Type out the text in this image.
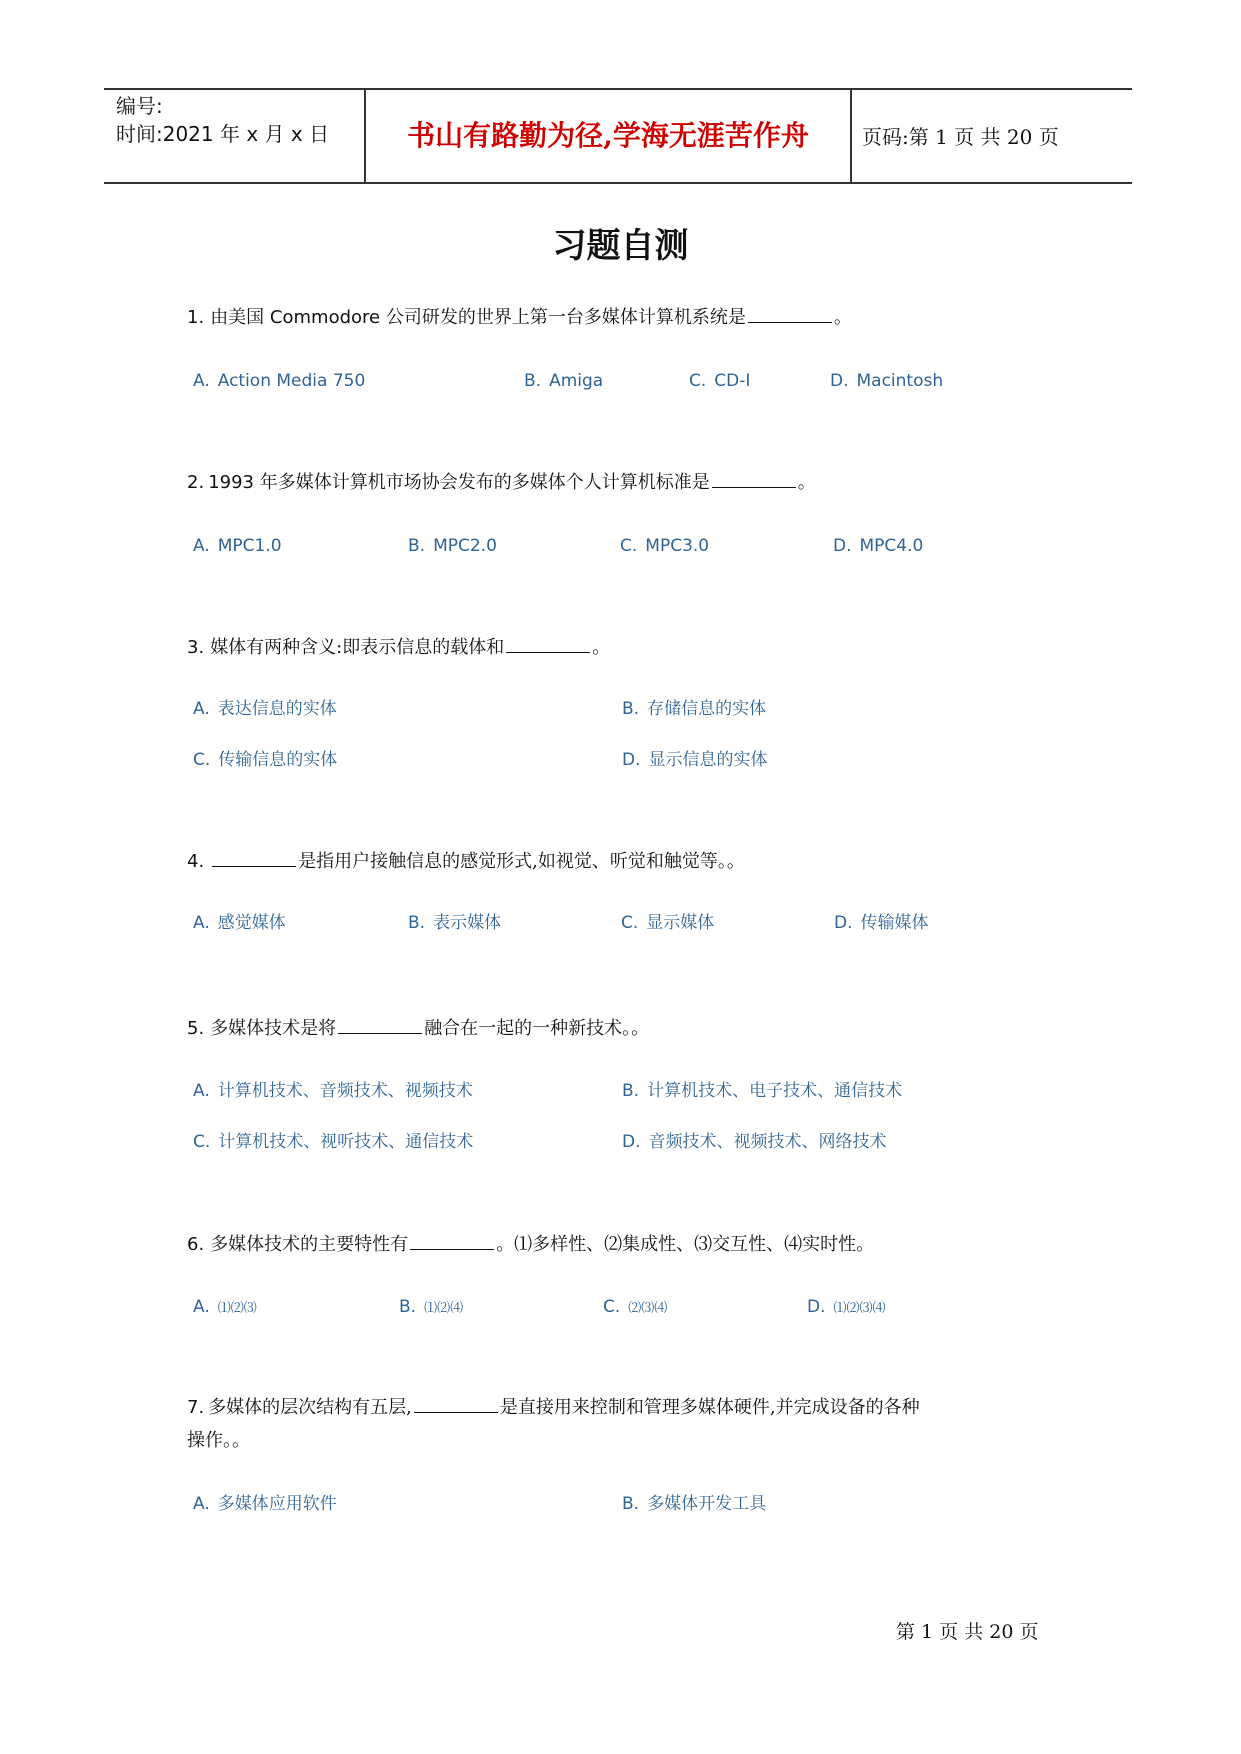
编号:
时间:2021 年 x 月 x 日	书山有路勤为径,学海无涯苦作舟	页码:第 1 页 共 20 页
习题自测
1. 由美国 Commodore 公司研发的世界上第一台多媒体计算机系统是	。
A. Action Media 750	B. Amiga	C. CD-I	D. Macintosh
2. 1993 年多媒体计算机市场协会发布的多媒体个人计算机标准是	。
A. MPC1.0	B. MPC2.0	C. MPC3.0	D. MPC4.0
3. 媒体有两种含义:即表示信息的载体和	。
A. 表达信息的实体	B. 存储信息的实体
C. 传输信息的实体	D. 显示信息的实体
4.	是指用户接触信息的感觉形式,如视觉、听觉和触觉等。。
A. 感觉媒体	B. 表示媒体	C. 显示媒体	D. 传输媒体
5. 多媒体技术是将	融合在一起的一种新技术。。
A. 计算机技术、音频技术、视频技术	B. 计算机技术、电子技术、通信技术
C. 计算机技术、视听技术、通信技术	D. 音频技术、视频技术、网络技术
6. 多媒体技术的主要特性有	。⑴多样性、⑵集成性、⑶交互性、⑷实时性。
A. ⑴⑵⑶	B. ⑴⑵⑷	C. ⑵⑶⑷	D. ⑴⑵⑶⑷
7. 多媒体的层次结构有五层,	是直接用来控制和管理多媒体硬件,并完成设备的各种操作。。
A. 多媒体应用软件	B. 多媒体开发工具
第 1 页 共 20 页
